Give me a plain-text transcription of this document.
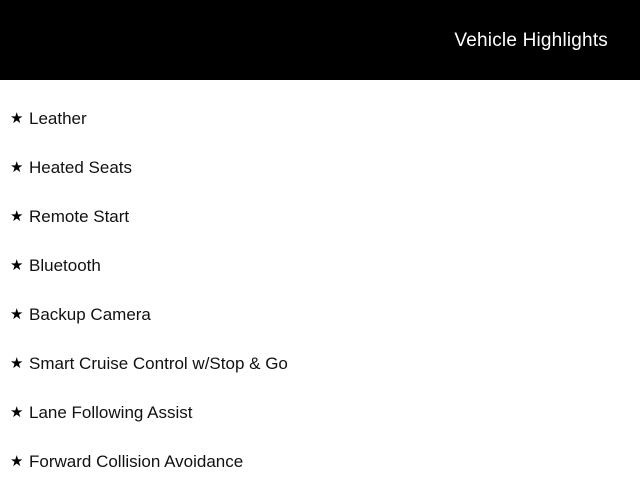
Vehicle Highlights
★ Leather
★ Heated Seats
★ Remote Start
★ Bluetooth
★ Backup Camera
★ Smart Cruise Control w/Stop & Go
★ Lane Following Assist
★ Forward Collision Avoidance
